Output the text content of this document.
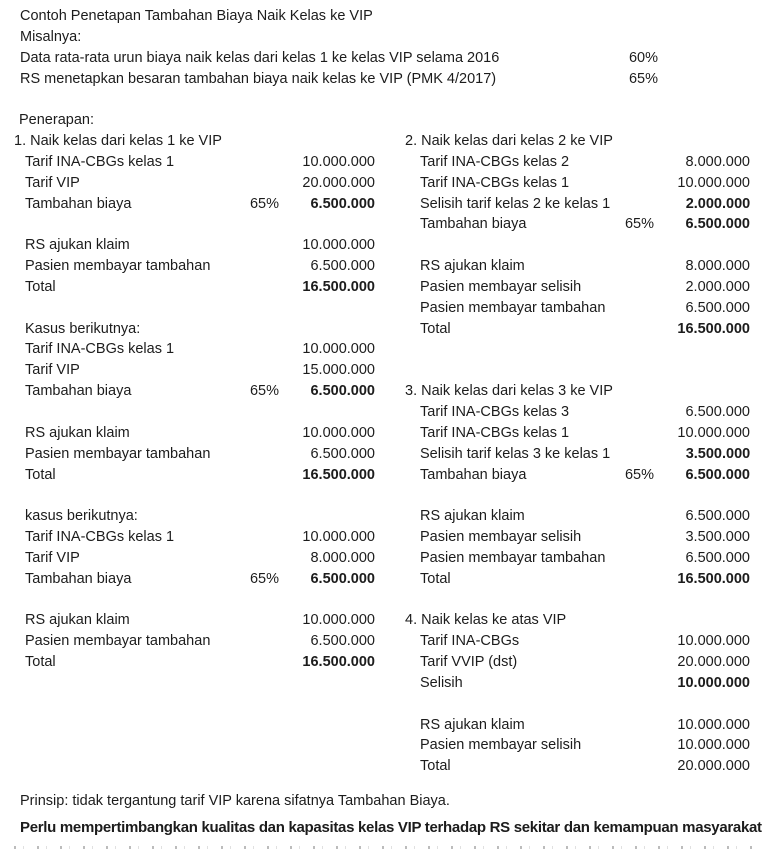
Contoh Penetapan Tambahan Biaya Naik Kelas ke VIP
Misalnya:
Data rata-rata urun biaya naik kelas dari kelas 1 ke kelas VIP selama 2016	60%
RS menetapkan besaran tambahan biaya naik kelas ke VIP (PMK 4/2017)	65%
Penerapan:
1. Naik kelas dari kelas 1 ke VIP
Tarif INA-CBGs kelas 1	10.000.000
Tarif VIP	20.000.000
Tambahan biaya	65%	6.500.000
RS ajukan klaim	10.000.000
Pasien membayar tambahan	6.500.000
Total	16.500.000
Kasus berikutnya:
Tarif INA-CBGs kelas 1	10.000.000
Tarif VIP	15.000.000
Tambahan biaya	65%	6.500.000
RS ajukan klaim	10.000.000
Pasien membayar tambahan	6.500.000
Total	16.500.000
kasus berikutnya:
Tarif INA-CBGs kelas 1	10.000.000
Tarif VIP	8.000.000
Tambahan biaya	65%	6.500.000
RS ajukan klaim	10.000.000
Pasien membayar tambahan	6.500.000
Total	16.500.000
2. Naik kelas dari kelas 2 ke VIP
Tarif INA-CBGs kelas 2	8.000.000
Tarif INA-CBGs kelas 1	10.000.000
Selisih tarif kelas 2 ke kelas 1	2.000.000
Tambahan biaya	65%	6.500.000
RS ajukan klaim	8.000.000
Pasien membayar selisih	2.000.000
Pasien membayar tambahan	6.500.000
Total	16.500.000
3. Naik kelas dari kelas 3 ke VIP
Tarif INA-CBGs kelas 3	6.500.000
Tarif INA-CBGs kelas 1	10.000.000
Selisih tarif kelas 3 ke kelas 1	3.500.000
Tambahan biaya	65%	6.500.000
RS ajukan klaim	6.500.000
Pasien membayar selisih	3.500.000
Pasien membayar tambahan	6.500.000
Total	16.500.000
4. Naik kelas ke atas VIP
Tarif INA-CBGs	10.000.000
Tarif VVIP (dst)	20.000.000
Selisih	10.000.000
RS ajukan klaim	10.000.000
Pasien membayar selisih	10.000.000
Total	20.000.000
Prinsip: tidak tergantung tarif VIP karena sifatnya Tambahan Biaya.
Perlu mempertimbangkan kualitas dan kapasitas kelas VIP terhadap RS sekitar dan kemampuan masyarakat
